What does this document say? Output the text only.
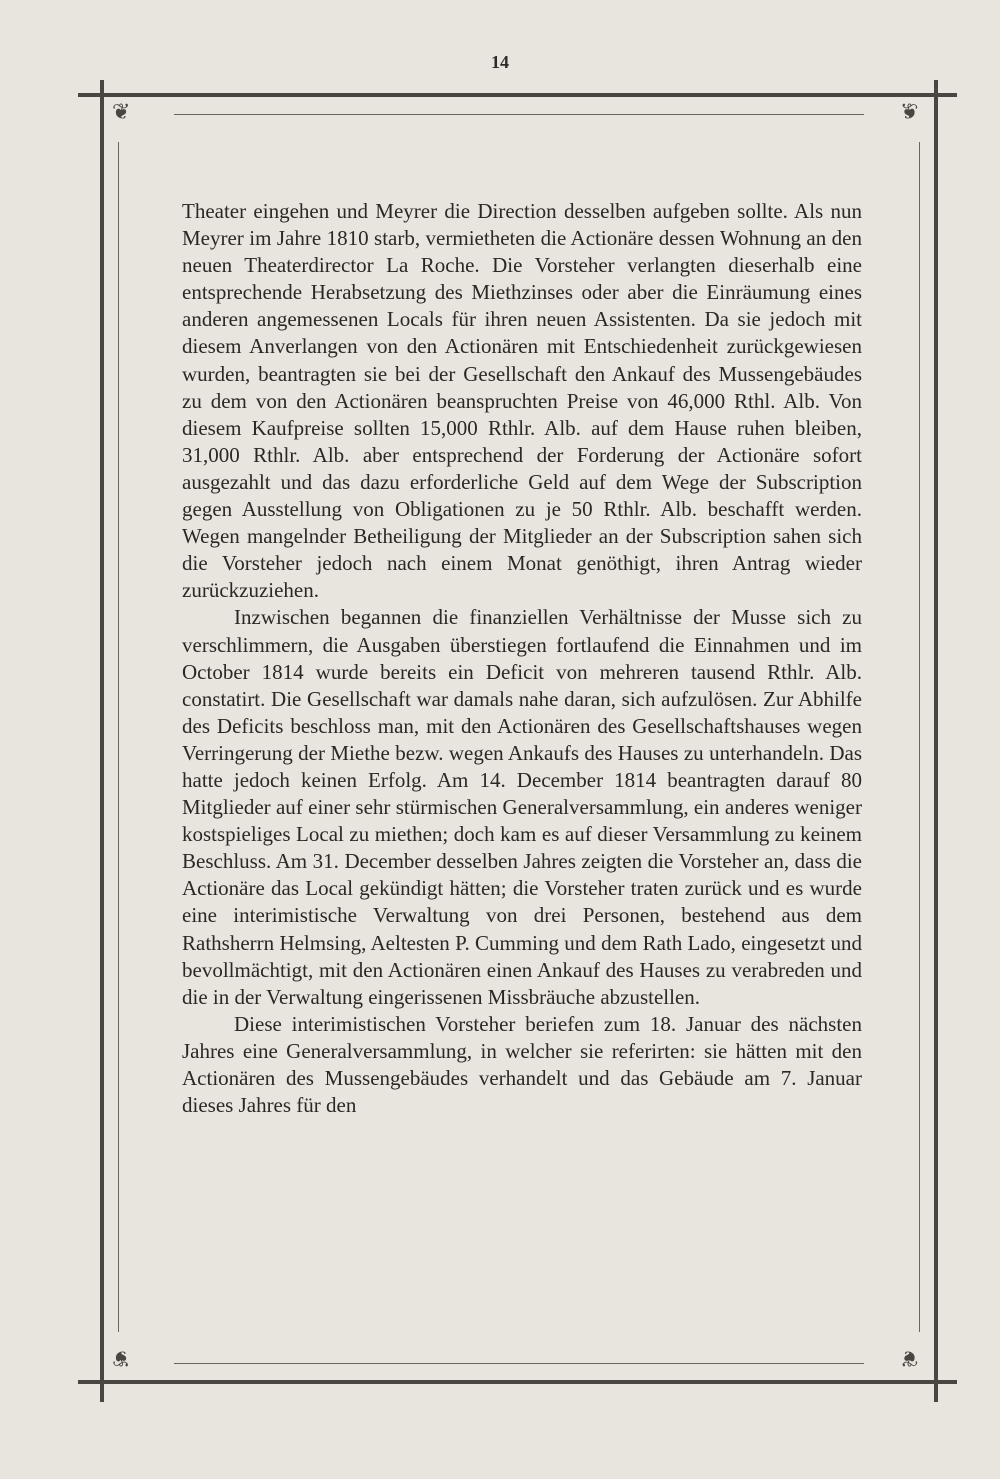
14
❦	❦
❦	❦

Theater eingehen und Meyrer die Direction desselben aufgeben sollte. Als nun Meyrer im Jahre 1810 starb, vermietheten die Actionäre dessen Wohnung an den neuen Theaterdirector La Roche. Die Vorsteher verlangten dieserhalb eine entsprechende Herabsetzung des Miethzinses oder aber die Einräumung eines anderen angemessenen Locals für ihren neuen Assistenten. Da sie jedoch mit diesem Anverlangen von den Actionären mit Entschiedenheit zurückgewiesen wurden, beantragten sie bei der Gesellschaft den Ankauf des Mussengebäudes zu dem von den Actionären beanspruchten Preise von 46,000 Rthl. Alb. Von diesem Kaufpreise sollten 15,000 Rthlr. Alb. auf dem Hause ruhen bleiben, 31,000 Rthlr. Alb. aber entsprechend der Forderung der Actionäre sofort ausgezahlt und das dazu erforderliche Geld auf dem Wege der Subscription gegen Ausstellung von Obligationen zu je 50 Rthlr. Alb. beschafft werden. Wegen mangelnder Betheiligung der Mitglieder an der Subscription sahen sich die Vorsteher jedoch nach einem Monat genöthigt, ihren Antrag wieder zurückzuziehen.

Inzwischen begannen die finanziellen Verhältnisse der Musse sich zu verschlimmern, die Ausgaben überstiegen fortlaufend die Einnahmen und im October 1814 wurde bereits ein Deficit von mehreren tausend Rthlr. Alb. constatirt. Die Gesellschaft war damals nahe daran, sich aufzulösen. Zur Abhilfe des Deficits beschloss man, mit den Actionären des Gesellschaftshauses wegen Verringerung der Miethe bezw. wegen Ankaufs des Hauses zu unterhandeln. Das hatte jedoch keinen Erfolg. Am 14. December 1814 beantragten darauf 80 Mitglieder auf einer sehr stürmischen Generalversammlung, ein anderes weniger kostspieliges Local zu miethen; doch kam es auf dieser Versammlung zu keinem Beschluss. Am 31. December desselben Jahres zeigten die Vorsteher an, dass die Actionäre das Local gekündigt hätten; die Vorsteher traten zurück und es wurde eine interimistische Verwaltung von drei Personen, bestehend aus dem Rathsherrn Helmsing, Aeltesten P. Cumming und dem Rath Lado, eingesetzt und bevollmächtigt, mit den Actionären einen Ankauf des Hauses zu verabreden und die in der Verwaltung eingerissenen Missbräuche abzustellen.

Diese interimistischen Vorsteher beriefen zum 18. Januar des nächsten Jahres eine Generalversammlung, in welcher sie referirten: sie hätten mit den Actionären des Mussengebäudes verhandelt und das Gebäude am 7. Januar dieses Jahres für den
